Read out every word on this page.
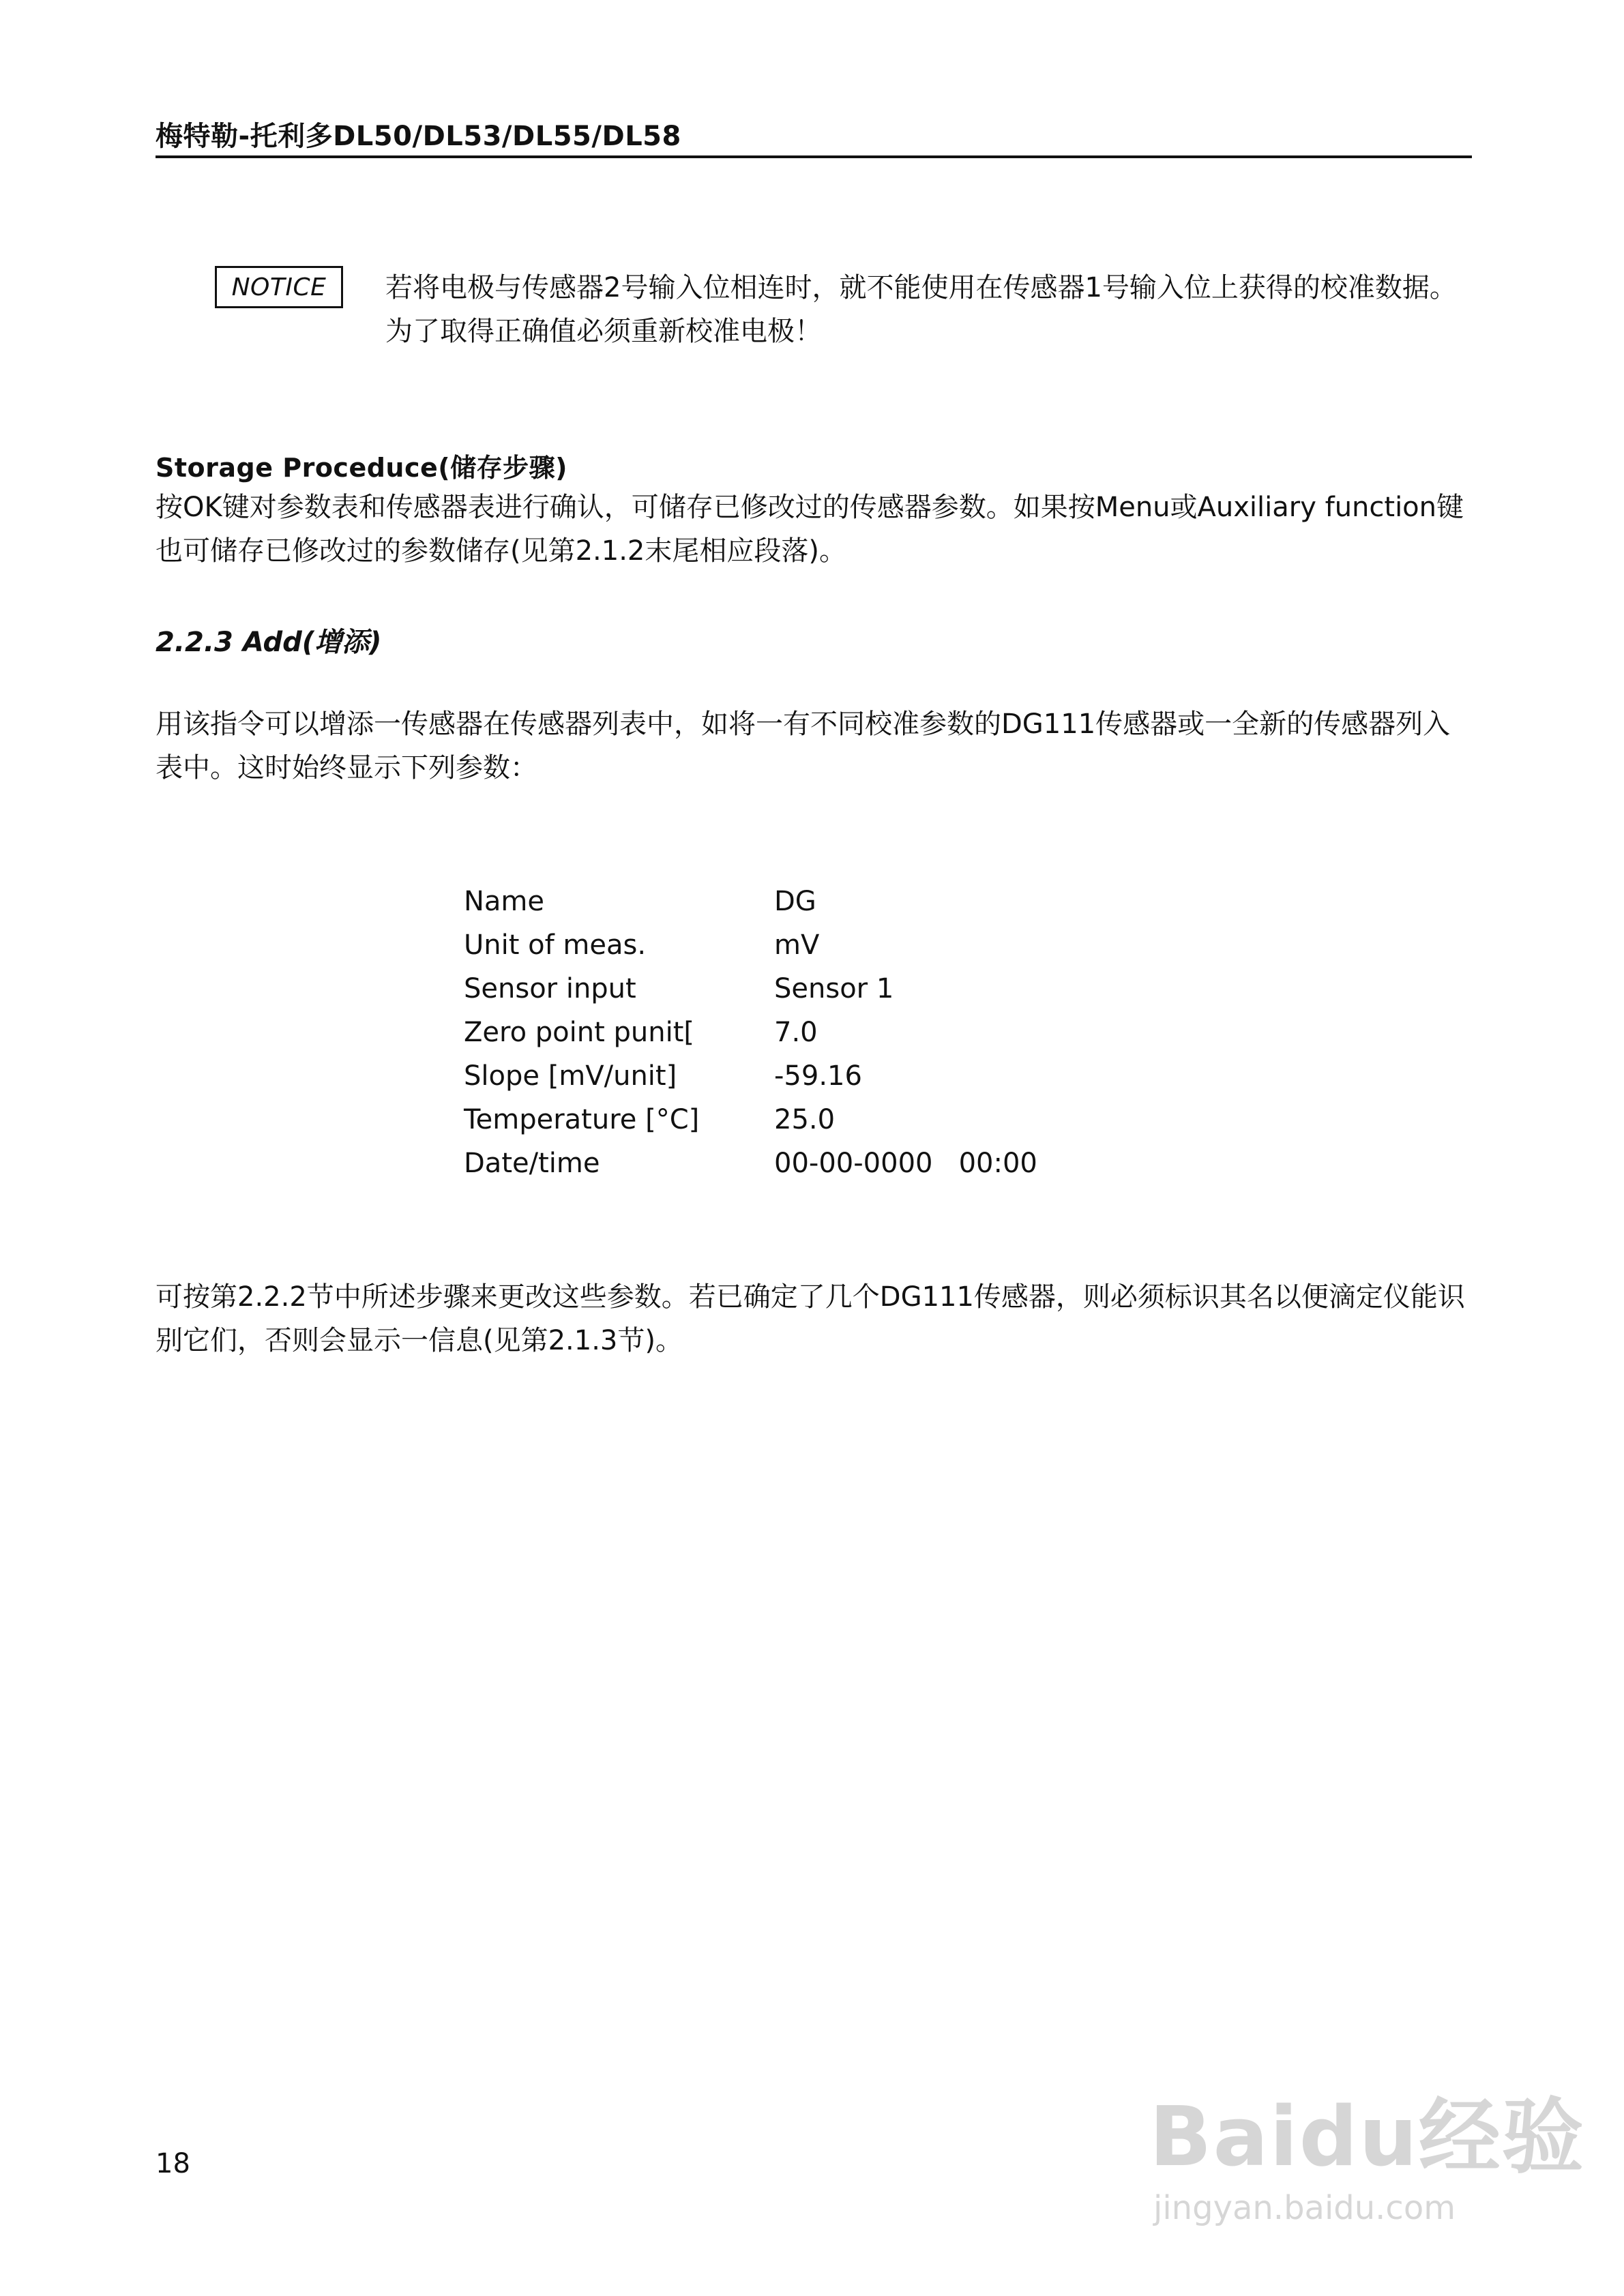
梅特勒-托利多DL50/DL53/DL55/DL58
NOTICE 若将电极与传感器2号输入位相连时，就不能使用在传感器1号输入位上获得的校准数据。为了取得正确值必须重新校准电极！
Storage Proceduce(储存步骤)
按OK键对参数表和传感器表进行确认，可储存已修改过的传感器参数。如果按Menu或Auxiliary function键也可储存已修改过的参数储存(见第2.1.2末尾相应段落)。
2.2.3 Add(增添)
用该指令可以增添一传感器在传感器列表中，如将一有不同校准参数的DG111传感器或一全新的传感器列入表中。这时始终显示下列参数：
Name	DG
Unit of meas.	mV
Sensor input	Sensor 1
Zero point punit[	7.0
Slope [mV/unit]	-59.16
Temperature [°C]	25.0
Date/time	00-00-0000   00:00
可按第2.2.2节中所述步骤来更改这些参数。若已确定了几个DG111传感器，则必须标识其名以便滴定仪能识别它们，否则会显示一信息(见第2.1.3节)。
18	Baidu经验
jingyan.baidu.com
